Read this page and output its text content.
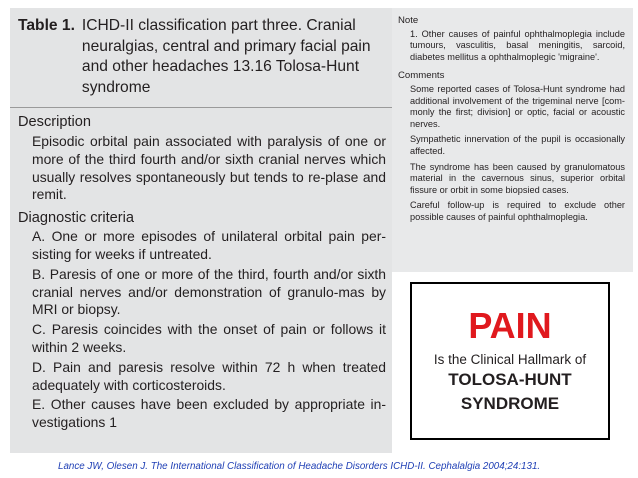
Table 1. ICHD-II classification part three. Cranial neuralgias, central and primary facial pain and other headaches 13.16 Tolosa-Hunt syndrome
Description
Episodic orbital pain associated with paralysis of one or more of the third fourth and/or sixth cranial nerves which usually resolves spontaneously but tends to re-plase and remit.
Diagnostic criteria
A. One or more episodes of unilateral orbital pain per-sisting for weeks if untreated.
B. Paresis of one or more of the third, fourth and/or sixth cranial nerves and/or demonstration of granulo-mas by MRI or biopsy.
C. Paresis coincides with the onset of pain or follows it within 2 weeks.
D. Pain and paresis resolve within 72 h when treated adequately with corticosteroids.
E. Other causes have been excluded by appropriate in-vestigations 1
Note
1. Other causes of painful ophthalmoplegia include tumours, vasculitis, basal meningitis, sarcoid, diabetes mellitus a ophthalmoplegic 'migraine'.
Comments
Some reported cases of Tolosa-Hunt syndrome had additional involvement of the trigeminal nerve [com-monly the first; division] or optic, facial or acoustic nerves.
Sympathetic innervation of the pupil is occasionally affected.
The syndrome has been caused by granulomatous material in the cavernous sinus, superior orbital fissure or orbit in some biopsied cases.
Careful follow-up is required to exclude other possible causes of painful ophthalmoplegia.
PAIN
Is the Clinical Hallmark of
TOLOSA-HUNT
SYNDROME
Lance JW, Olesen J. The International Classification of Headache Disorders ICHD-II. Cephalalgia 2004;24:131.
